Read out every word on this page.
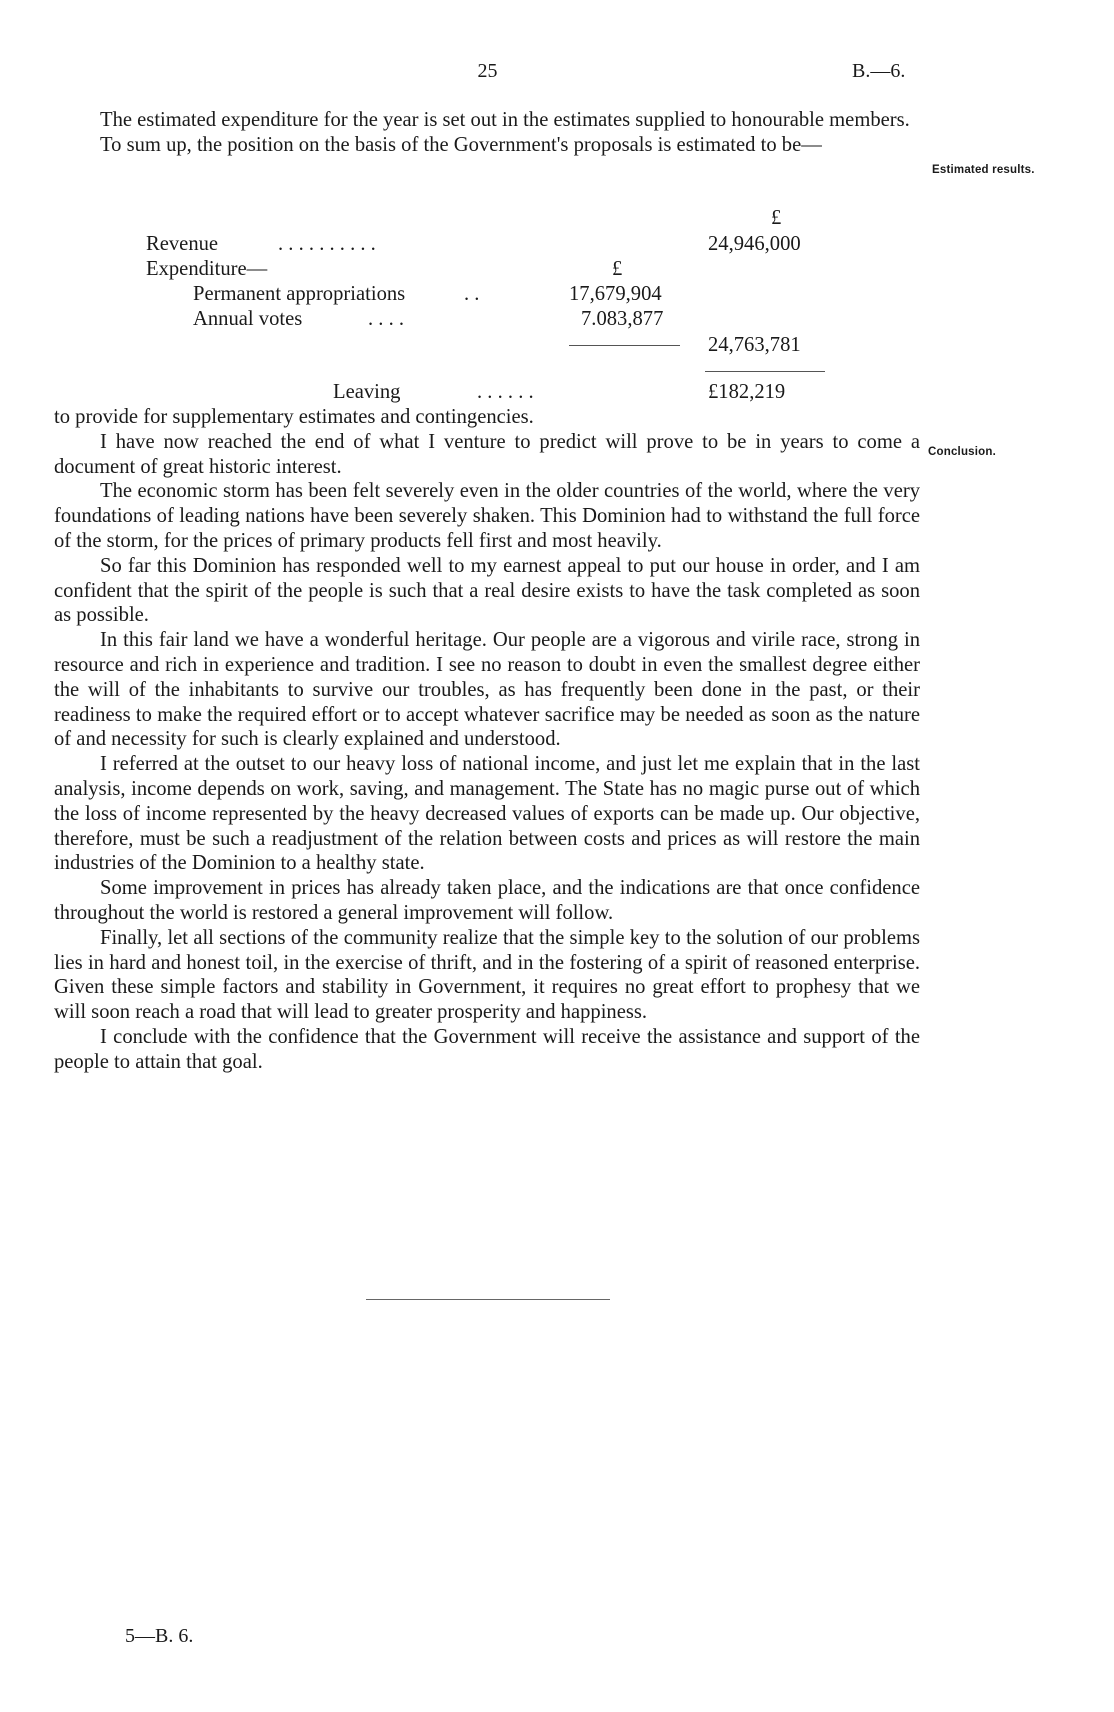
25	B.—6.
Estimated results.
Conclusion.

The estimated expenditure for the year is set out in the estimates supplied to honourable members.

To sum up, the position on the basis of the Government's proposals is estimated to be—

£
Revenue	. . . . . . . . . .	24,946,000
Expenditure—	£
Permanent appropriations	. .	17,679,904
Annual votes	. . . .	7.083,877
24,763,781
Leaving	. . . . . .	£182,219

to provide for supplementary estimates and contingencies.

I have now reached the end of what I venture to predict will prove to be in years to come a document of great historic interest.

The economic storm has been felt severely even in the older countries of the world, where the very foundations of leading nations have been severely shaken. This Dominion had to withstand the full force of the storm, for the prices of primary products fell first and most heavily.

So far this Dominion has responded well to my earnest appeal to put our house in order, and I am confident that the spirit of the people is such that a real desire exists to have the task completed as soon as possible.

In this fair land we have a wonderful heritage. Our people are a vigorous and virile race, strong in resource and rich in experience and tradition. I see no reason to doubt in even the smallest degree either the will of the inhabitants to survive our troubles, as has frequently been done in the past, or their readiness to make the required effort or to accept whatever sacrifice may be needed as soon as the nature of and necessity for such is clearly explained and understood.

I referred at the outset to our heavy loss of national income, and just let me explain that in the last analysis, income depends on work, saving, and management. The State has no magic purse out of which the loss of income represented by the heavy decreased values of exports can be made up. Our objective, therefore, must be such a readjustment of the relation between costs and prices as will restore the main industries of the Dominion to a healthy state.

Some improvement in prices has already taken place, and the indications are that once confidence throughout the world is restored a general improvement will follow.

Finally, let all sections of the community realize that the simple key to the solution of our problems lies in hard and honest toil, in the exercise of thrift, and in the fostering of a spirit of reasoned enterprise. Given these simple factors and stability in Government, it requires no great effort to prophesy that we will soon reach a road that will lead to greater prosperity and happiness.

I conclude with the confidence that the Government will receive the assistance and support of the people to attain that goal.

5—B. 6.
